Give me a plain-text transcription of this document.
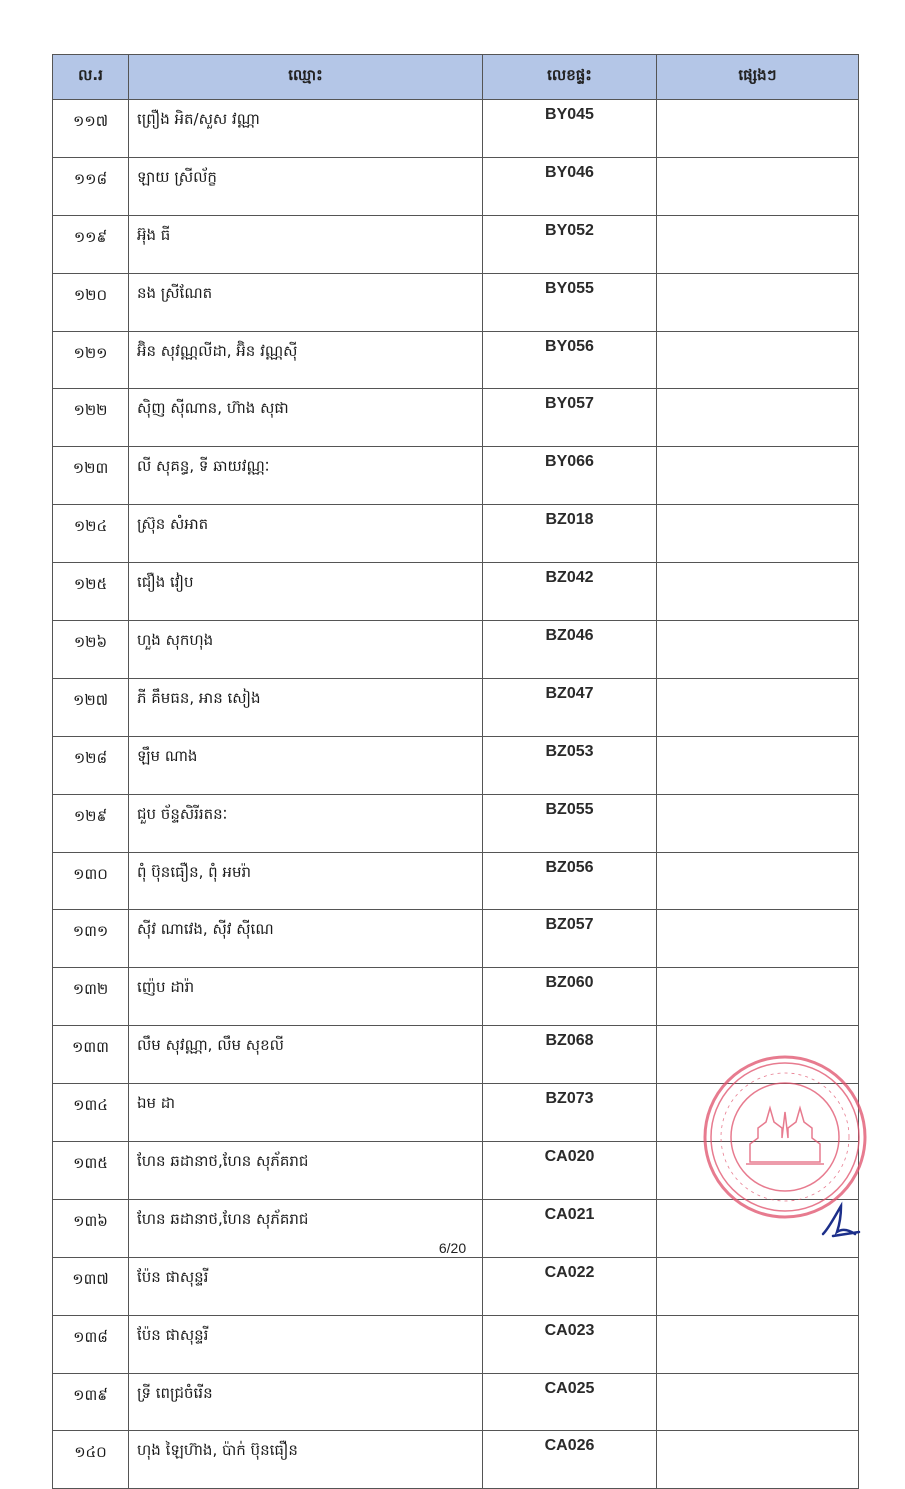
ល.រ	ឈ្មោះ	លេខផ្ទះ	ផ្សេងៗ
១១៧	ព្រឿង អិត/សួស វណ្ណា	BY045	
១១៨	ឡាយ ស្រីល័ក្ខ	BY046	
១១៩	អ៊ុង ធី	BY052	
១២០	នង ស្រីណែត	BY055	
១២១	អ៊ិន សុវណ្ណលីដា, អ៊ិន វណ្ណស៊ី	BY056	
១២២	ស៊ិញ ស៊ីណាន, ហ៊ាង សុផា	BY057	
១២៣	លី សុគន្ធ, ទី ឆាយវណ្ណៈ	BY066	
១២៤	ស៊្រុន សំអាត	BZ018	
១២៥	ជឿង វៀប	BZ042	
១២៦	ហួង សុកហុង	BZ046	
១២៧	ភី គឹមធន, អាន សៀង	BZ047	
១២៨	ឡឹម ណាង	BZ053	
១២៩	ជួប ច័ន្ទសិរីរតនៈ	BZ055	
១៣០	ពុំ ប៊ុនធឿន, ពុំ អមរ៉ា	BZ056	
១៣១	ស៊ីវ ណាវេង, ស៊ីវ ស៊ីណេ	BZ057	
១៣២	ញ៉េប ដារ៉ា	BZ060	
១៣៣	លឹម សុវណ្ណា, លឹម សុខលី	BZ068	
១៣៤	ឯម ដា	BZ073	
១៣៥	ហែន ឆដានាថ,ហែន សុភ័គរាជ	CA020	
១៣៦	ហែន ឆដានាថ,ហែន សុភ័គរាជ	CA021	
១៣៧	ប៉ែន ផាសុន្ទរី	CA022	
១៣៨	ប៉ែន ផាសុន្ទរី	CA023	
១៣៩	ទ្រី ពេជ្រចំរើន	CA025	
១៤០	ហុង ឡៃហ៊ាង, ប៉ាក់ ប៊ុនធឿន	CA026	
6/20
